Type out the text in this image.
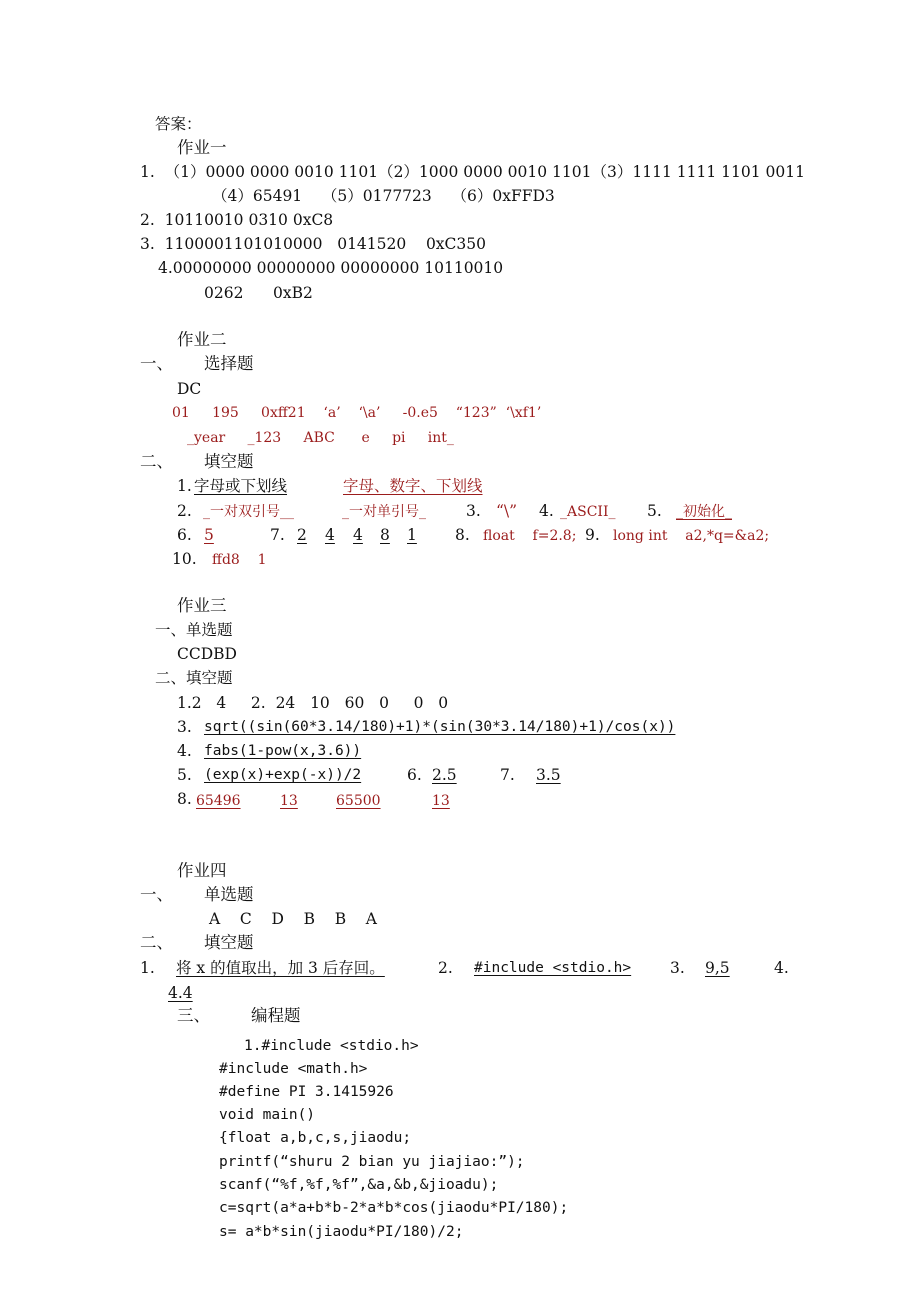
答案：
作业一
1.  （1）0000 0000 0010 1101（2）1000 0000 0010 1101（3）1111 1111 1101 0011
（4）65491    （5）0177723    （6）0xFFD3
2.  10110010 0310 0xC8
3.  1100001101010000   0141520    0xC350
4.00000000 00000000 00000000 10110010
0262      0xB2
作业二
一、 选择题
DC
01     195     0xff21    ‘a’    ‘\a’     -0.e5    “123”  ‘\xf1’
_year     _123     ABC      e     pi     int_
二、 填空题
1. 字母或下划线	字母、数字、下划线
2. _一对双引号__	_一对单引号_	3. “\” 4. _ASCII_ 5. _初始化_
6. 5	7. 2 4 4 8 1 8. float    f=2.8; 9. long int    a2,*q=&a2;
10. ffd8    1
作业三
一、单选题
CCDBD
二、填空题
1.2   4     2.  24   10   60   0     0   0
3. sqrt((sin(60*3.14/180)+1)*(sin(30*3.14/180)+1)/cos(x))
4. fabs(1-pow(x,3.6))
5. (exp(x)+exp(-x))/2	6. 2.5	7. 3.5
8. 65496	13	65500	13
作业四
一、 单选题
A    C    D    B    B    A
二、 填空题
1. 将 x 的值取出，加 3 后存回。	2. #include <stdio.h>	3. 9,5	4.
4.4
三、 编程题
1.#include <stdio.h>
#include <math.h>
#define PI 3.1415926
void main()
{float a,b,c,s,jiaodu;
printf(“shuru 2 bian yu jiajiao:”);
scanf(“%f,%f,%f”,&a,&b,&jioadu);
c=sqrt(a*a+b*b-2*a*b*cos(jiaodu*PI/180);
s= a*b*sin(jiaodu*PI/180)/2;
